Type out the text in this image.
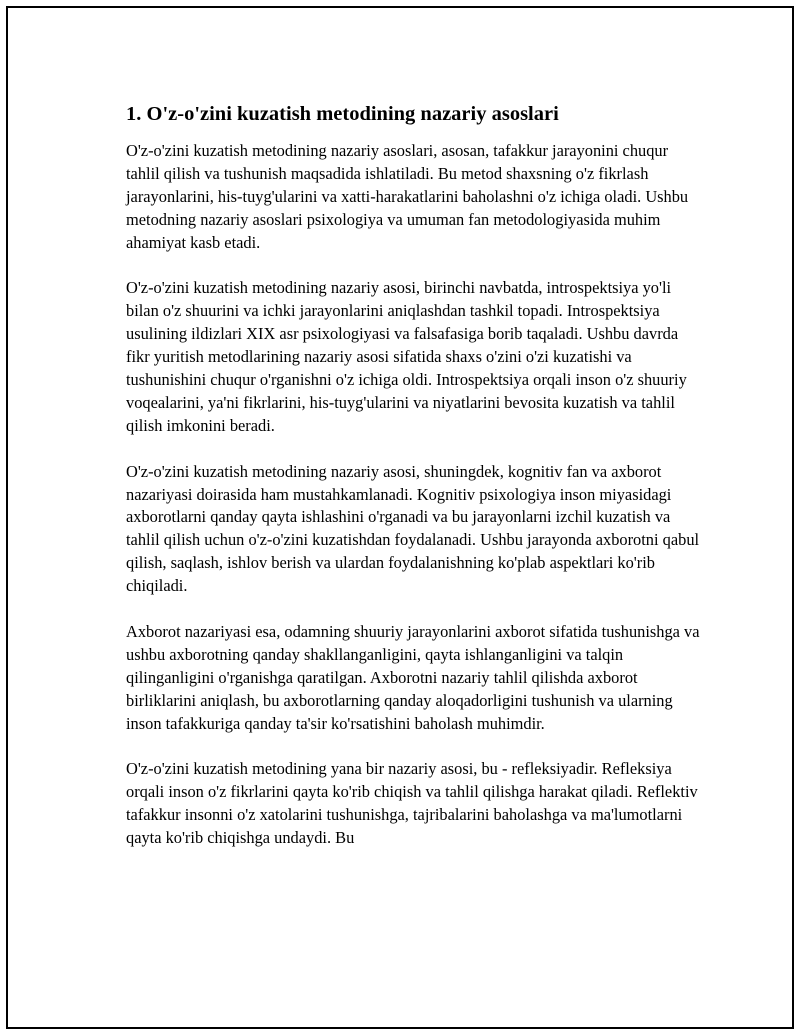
1. O'z-o'zini kuzatish metodining nazariy asoslari

O'z-o'zini kuzatish metodining nazariy asoslari, asosan, tafakkur jarayonini chuqur tahlil qilish va tushunish maqsadida ishlatiladi. Bu metod shaxsning o'z fikrlash jarayonlarini, his-tuyg'ularini va xatti-harakatlarini baholashni o'z ichiga oladi. Ushbu metodning nazariy asoslari psixologiya va umuman fan metodologiyasida muhim ahamiyat kasb etadi.

O'z-o'zini kuzatish metodining nazariy asosi, birinchi navbatda, introspektsiya yo'li bilan o'z shuurini va ichki jarayonlarini aniqlashdan tashkil topadi. Introspektsiya usulining ildizlari XIX asr psixologiyasi va falsafasiga borib taqaladi. Ushbu davrda fikr yuritish metodlarining nazariy asosi sifatida shaxs o'zini o'zi kuzatishi va tushunishini chuqur o'rganishni o'z ichiga oldi. Introspektsiya orqali inson o'z shuuriy voqealarini, ya'ni fikrlarini, his-tuyg'ularini va niyatlarini bevosita kuzatish va tahlil qilish imkonini beradi.

O'z-o'zini kuzatish metodining nazariy asosi, shuningdek, kognitiv fan va axborot nazariyasi doirasida ham mustahkamlanadi. Kognitiv psixologiya inson miyasidagi axborotlarni qanday qayta ishlashini o'rganadi va bu jarayonlarni izchil kuzatish va tahlil qilish uchun o'z-o'zini kuzatishdan foydalanadi. Ushbu jarayonda axborotni qabul qilish, saqlash, ishlov berish va ulardan foydalanishning ko'plab aspektlari ko'rib chiqiladi.

Axborot nazariyasi esa, odamning shuuriy jarayonlarini axborot sifatida tushunishga va ushbu axborotning qanday shakllanganligini, qayta ishlanganligini va talqin qilinganligini o'rganishga qaratilgan. Axborotni nazariy tahlil qilishda axborot birliklarini aniqlash, bu axborotlarning qanday aloqadorligini tushunish va ularning inson tafakkuriga qanday ta'sir ko'rsatishini baholash muhimdir.

O'z-o'zini kuzatish metodining yana bir nazariy asosi, bu - refleksiyadir. Refleksiya orqali inson o'z fikrlarini qayta ko'rib chiqish va tahlil qilishga harakat qiladi. Reflektiv tafakkur insonni o'z xatolarini tushunishga, tajribalarini baholashga va ma'lumotlarni qayta ko'rib chiqishga undaydi. Bu
